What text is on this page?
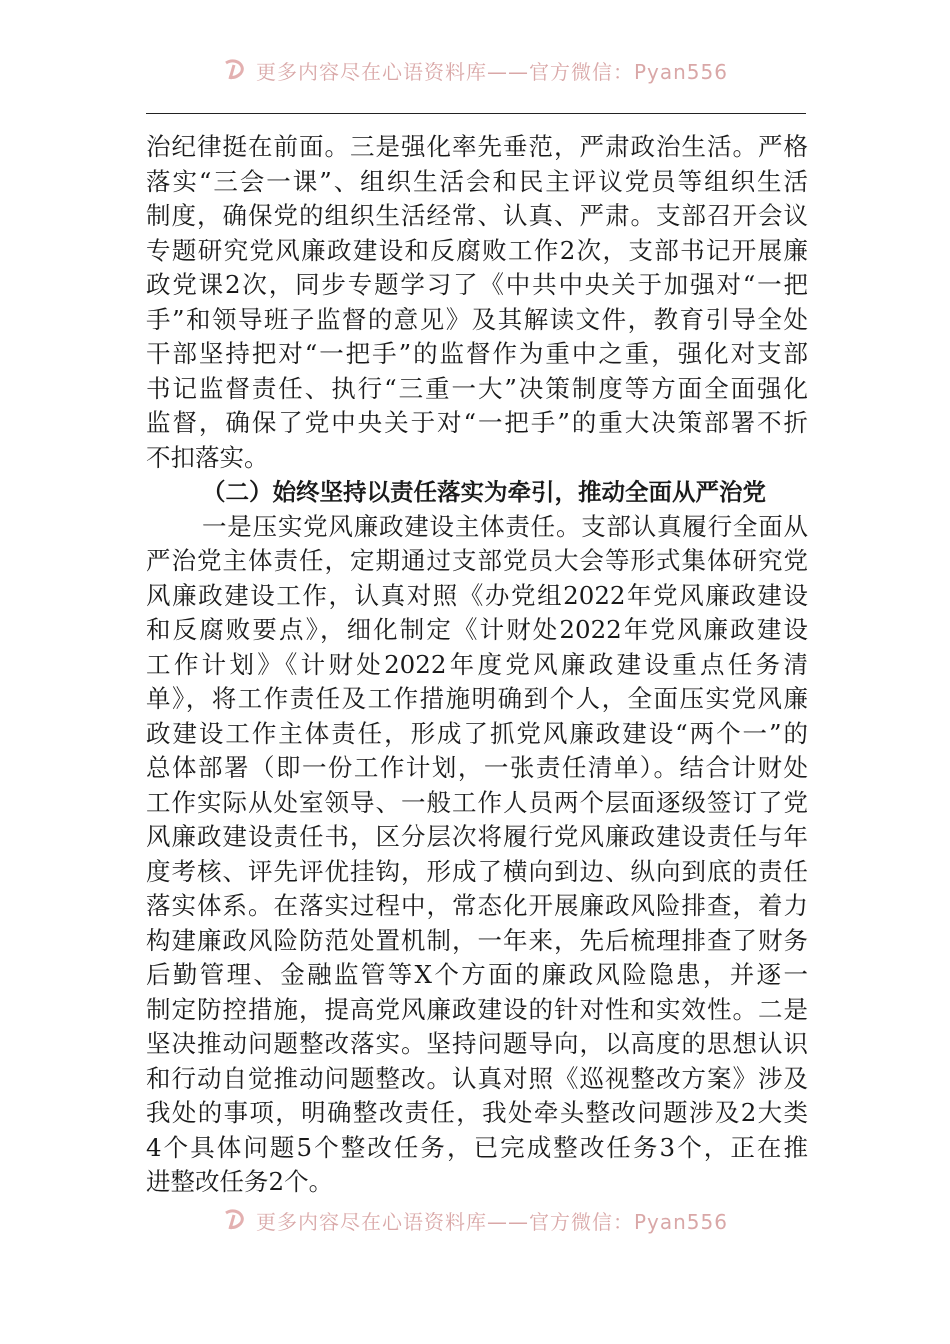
更多内容尽在心语资料库——官方微信：Pyan556
治纪律挺在前面。三是强化率先垂范，严肃政治生活。严格
落实“三会一课”、组织生活会和民主评议党员等组织生活
制度，确保党的组织生活经常、认真、严肃。支部召开会议
专题研究党风廉政建设和反腐败工作2次，支部书记开展廉
政党课2次，同步专题学习了《中共中央关于加强对“一把
手”和领导班子监督的意见》及其解读文件，教育引导全处
干部坚持把对“一把手”的监督作为重中之重，强化对支部
书记监督责任、执行“三重一大”决策制度等方面全面强化
监督，确保了党中央关于对“一把手”的重大决策部署不折
不扣落实。
（二）始终坚持以责任落实为牵引，推动全面从严治党
一是压实党风廉政建设主体责任。支部认真履行全面从
严治党主体责任，定期通过支部党员大会等形式集体研究党
风廉政建设工作，认真对照《办党组2022年党风廉政建设
和反腐败要点》，细化制定《计财处2022年党风廉政建设
工作计划》《计财处2022年度党风廉政建设重点任务清
单》，将工作责任及工作措施明确到个人，全面压实党风廉
政建设工作主体责任，形成了抓党风廉政建设“两个一”的
总体部署（即一份工作计划，一张责任清单）。结合计财处
工作实际从处室领导、一般工作人员两个层面逐级签订了党
风廉政建设责任书，区分层次将履行党风廉政建设责任与年
度考核、评先评优挂钩，形成了横向到边、纵向到底的责任
落实体系。在落实过程中，常态化开展廉政风险排查，着力
构建廉政风险防范处置机制，一年来，先后梳理排查了财务
后勤管理、金融监管等X个方面的廉政风险隐患，并逐一
制定防控措施，提高党风廉政建设的针对性和实效性。二是
坚决推动问题整改落实。坚持问题导向，以高度的思想认识
和行动自觉推动问题整改。认真对照《巡视整改方案》涉及
我处的事项，明确整改责任，我处牵头整改问题涉及2大类
4个具体问题5个整改任务，已完成整改任务3个，正在推
进整改任务2个。
更多内容尽在心语资料库——官方微信：Pyan556
